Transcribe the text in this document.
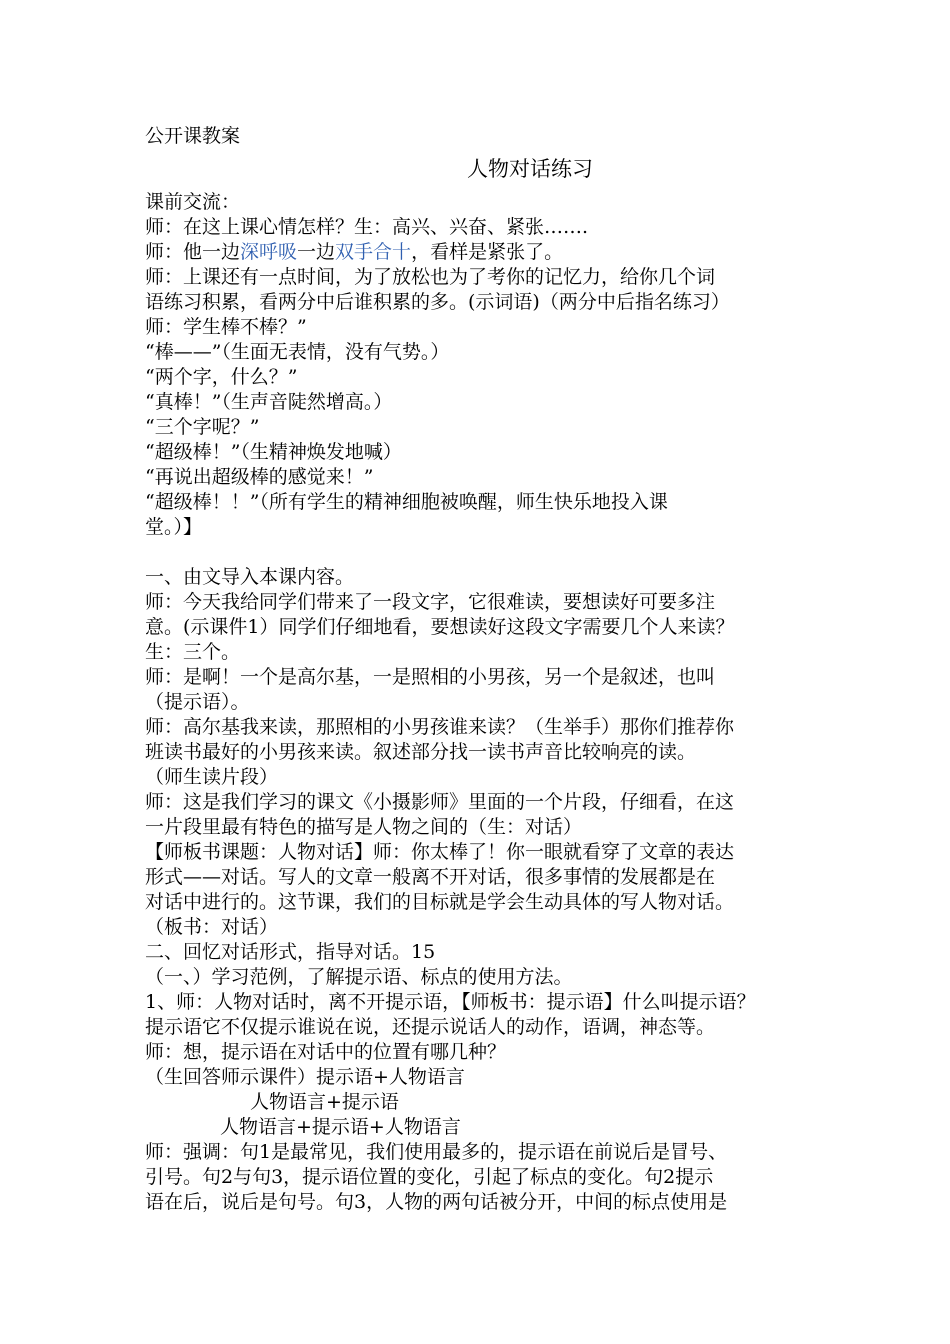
公开课教案
人物对话练习
课前交流：
师：在这上课心情怎样？生：高兴、兴奋、紧张…….
师：他一边深呼吸一边双手合十，看样是紧张了。
师：上课还有一点时间，为了放松也为了考你的记忆力，给你几个词
语练习积累，看两分中后谁积累的多。(示词语)（两分中后指名练习）
师：学生棒不棒？”
“棒——”（生面无表情，没有气势。）
“两个字，什么？”
“真棒！”（生声音陡然增高。）
“三个字呢？”
“超级棒！”（生精神焕发地喊）
“再说出超级棒的感觉来！”
“超级棒！！”（所有学生的精神细胞被唤醒，师生快乐地投入课
堂。）】
一、由文导入本课内容。
师：今天我给同学们带来了一段文字，它很难读，要想读好可要多注
意。(示课件1）同学们仔细地看，要想读好这段文字需要几个人来读？
生：三个。
师：是啊！一个是高尔基，一是照相的小男孩，另一个是叙述，也叫
（提示语）。
师：高尔基我来读，那照相的小男孩谁来读？（生举手）那你们推荐你
班读书最好的小男孩来读。叙述部分找一读书声音比较响亮的读。
（师生读片段）
师：这是我们学习的课文《小摄影师》里面的一个片段，仔细看，在这
一片段里最有特色的描写是人物之间的（生：对话）
【师板书课题：人物对话】师：你太棒了！你一眼就看穿了文章的表达
形式——对话。写人的文章一般离不开对话，很多事情的发展都是在
对话中进行的。这节课，我们的目标就是学会生动具体的写人物对话。
（板书：对话）
二、回忆对话形式，指导对话。15
（一、）学习范例，了解提示语、标点的使用方法。
1、师：人物对话时，离不开提示语，【师板书：提示语】什么叫提示语？
提示语它不仅提示谁说在说，还提示说话人的动作，语调，神态等。
师：想，提示语在对话中的位置有哪几种？
（生回答师示课件）提示语+人物语言
人物语言+提示语
人物语言+提示语+人物语言
师：强调：句1是最常见，我们使用最多的，提示语在前说后是冒号、
引号。句2与句3，提示语位置的变化，引起了标点的变化。句2提示
语在后，说后是句号。句3，人物的两句话被分开，中间的标点使用是
